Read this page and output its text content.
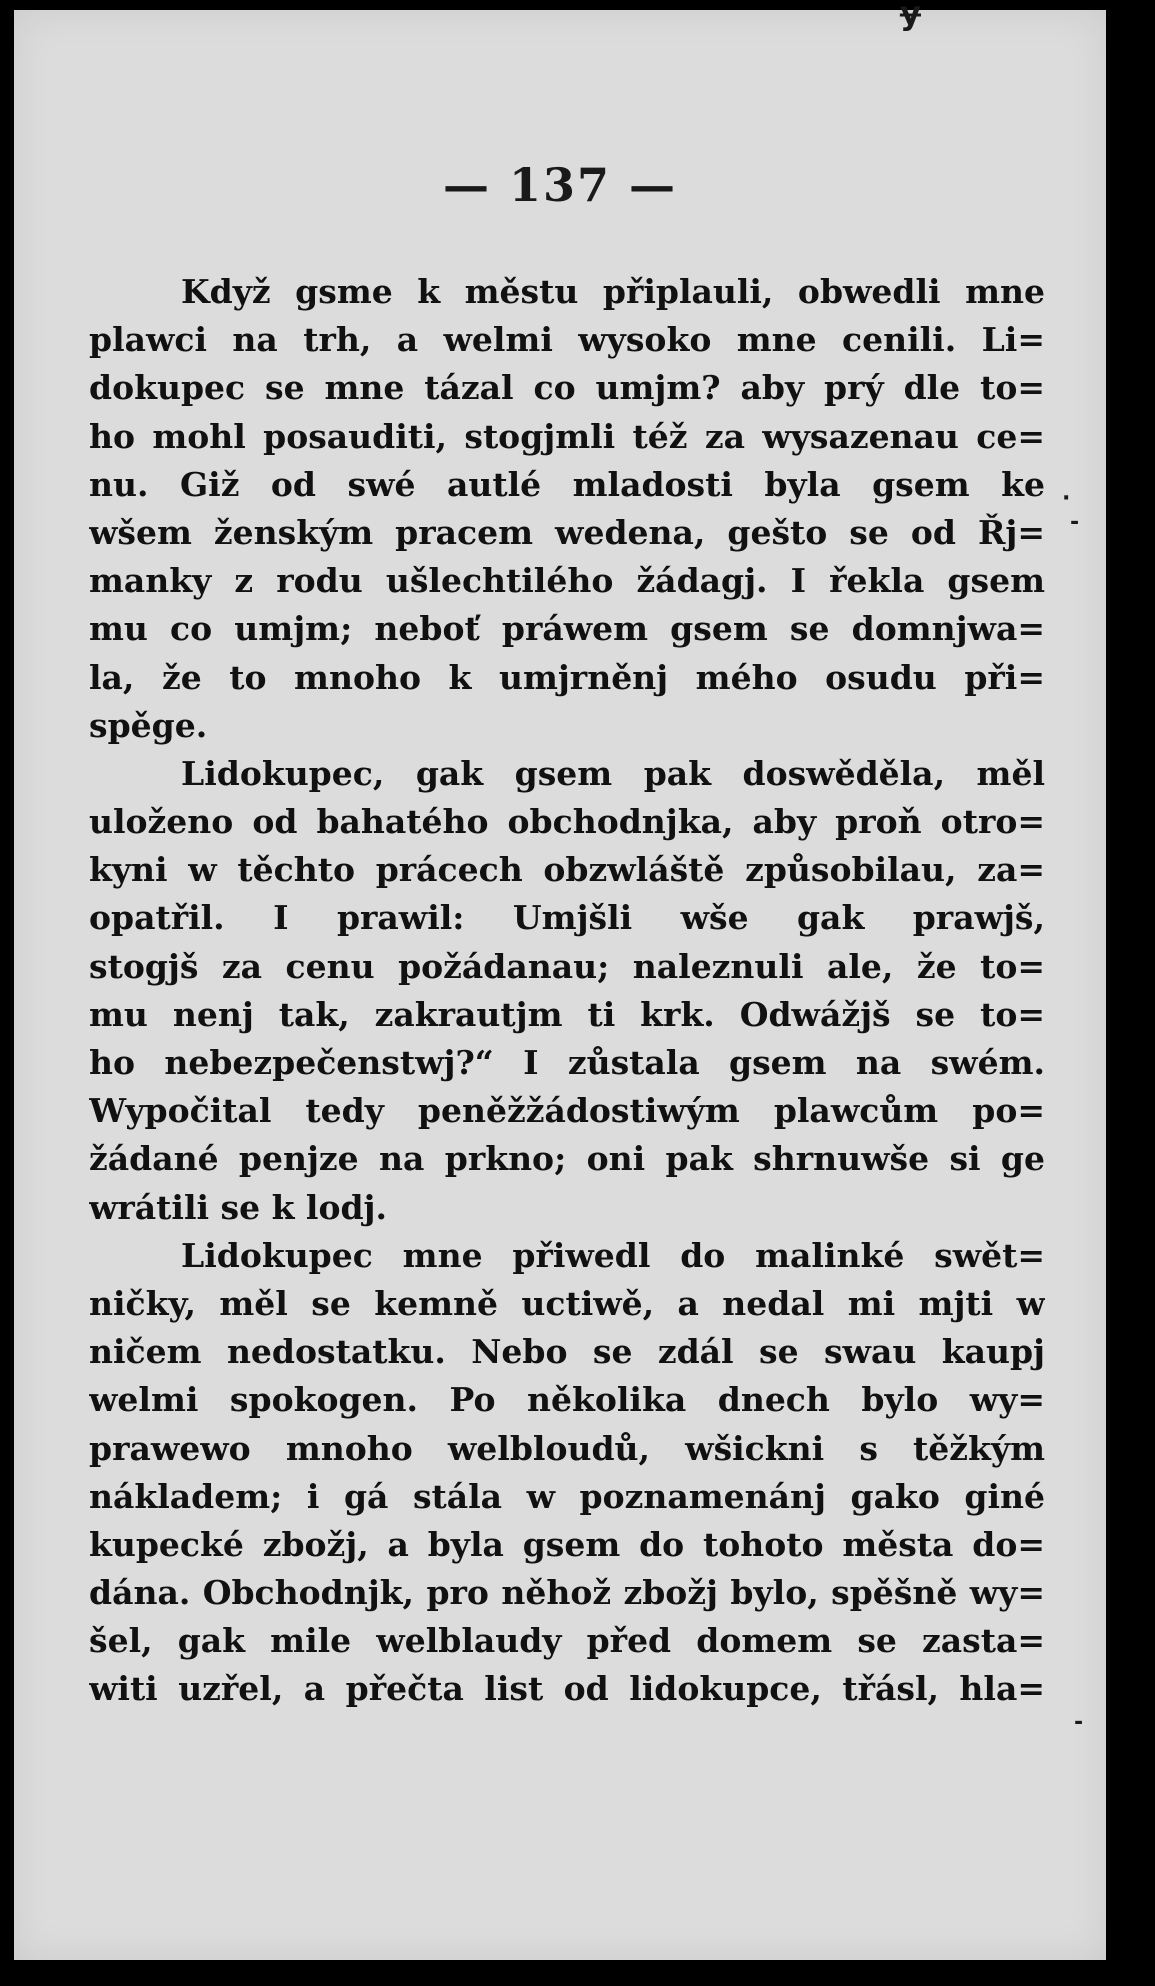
— 137 —
Když gsme k městu připlauli, obwedli mne
plawci na trh, a welmi wysoko mne cenili. Li=
dokupec se mne tázal co umjm? aby prý dle to=
ho mohl posauditi, stogjmli též za wysazenau ce=
nu. Giž od swé autlé mladosti byla gsem ke
wšem ženským pracem wedena, gešto se od Řj=
manky z rodu ušlechtilého žádagj. I řekla gsem
mu co umjm; neboť práwem gsem se domnjwa=
la, že to mnoho k umjrněnj mého osudu při=
spěge.
Lidokupec, gak gsem pak doswěděla, měl
uloženo od bahatého obchodnjka, aby proň otro=
kyni w těchto prácech obzwláště způsobilau, za=
opatřil. I prawil: Umjšli wše gak prawjš,
stogjš za cenu požádanau; naleznuli ale, že to=
mu nenj tak, zakrautjm ti krk. Odwážjš se to=
ho nebezpečenstwj?“ I zůstala gsem na swém.
Wypočital tedy peněžžádostiwým plawcům po=
žádané penjze na prkno; oni pak shrnuwše si ge
wrátili se k lodj.
Lidokupec mne přiwedl do malinké swět=
ničky, měl se kemně uctiwě, a nedal mi mjti w
ničem nedostatku. Nebo se zdál se swau kaupj
welmi spokogen. Po několika dnech bylo wy=
prawewo mnoho welbloudů, wšickni s těžkým
nákladem; i gá stála w poznamenánj gako giné
kupecké zbožj, a byla gsem do tohoto města do=
dána. Obchodnjk, pro něhož zbožj bylo, spěšně wy=
šel, gak mile welblaudy před domem se zasta=
witi uzřel, a přečta list od lidokupce, třásl, hla=
·
-
-
ɏ
